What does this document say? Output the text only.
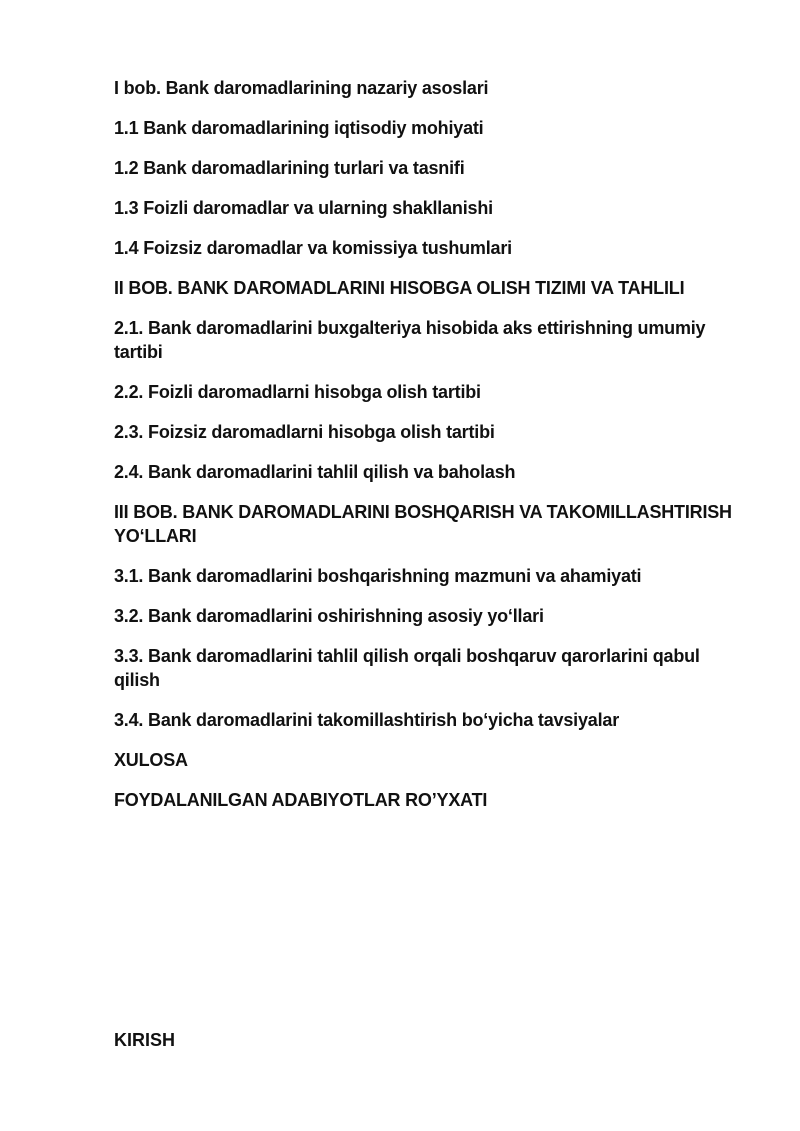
I bob. Bank daromadlarining nazariy asoslari
1.1 Bank daromadlarining iqtisodiy mohiyati
1.2 Bank daromadlarining turlari va tasnifi
1.3 Foizli daromadlar va ularning shakllanishi
1.4 Foizsiz daromadlar va komissiya tushumlari
II BOB. BANK DAROMADLARINI HISOBGA OLISH TIZIMI VA TAHLILI
2.1. Bank daromadlarini buxgalteriya hisobida aks ettirishning umumiy tartibi
2.2. Foizli daromadlarni hisobga olish tartibi
2.3. Foizsiz daromadlarni hisobga olish tartibi
2.4. Bank daromadlarini tahlil qilish va baholash
III BOB. BANK DAROMADLARINI BOSHQARISH VA TAKOMILLASHTIRISH YO‘LLARI
3.1. Bank daromadlarini boshqarishning mazmuni va ahamiyati
3.2. Bank daromadlarini oshirishning asosiy yo‘llari
3.3. Bank daromadlarini tahlil qilish orqali boshqaruv qarorlarini qabul qilish
3.4. Bank daromadlarini takomillashtirish bo‘yicha tavsiyalar
XULOSA
FOYDALANILGAN ADABIYOTLAR RO’YXATI
KIRISH
